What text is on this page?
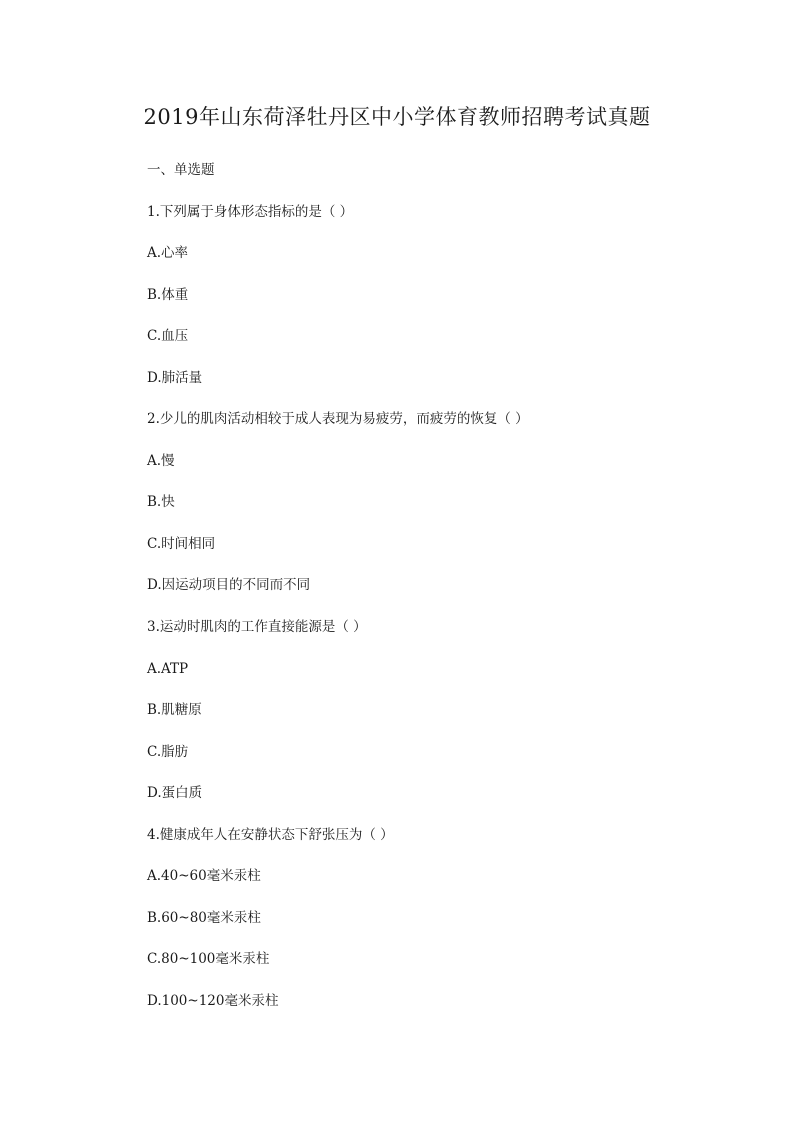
2019年山东荷泽牡丹区中小学体育教师招聘考试真题
一、单选题
1.下列属于身体形态指标的是（ ）
A.心率
B.体重
C.血压
D.肺活量
2.少儿的肌肉活动相较于成人表现为易疲劳，而疲劳的恢复（ ）
A.慢
B.快
C.时间相同
D.因运动项目的不同而不同
3.运动时肌肉的工作直接能源是（ ）
A.ATP
B.肌糖原
C.脂肪
D.蛋白质
4.健康成年人在安静状态下舒张压为（ ）
A.40~60毫米汞柱
B.60~80毫米汞柱
C.80~100毫米汞柱
D.100~120毫米汞柱
